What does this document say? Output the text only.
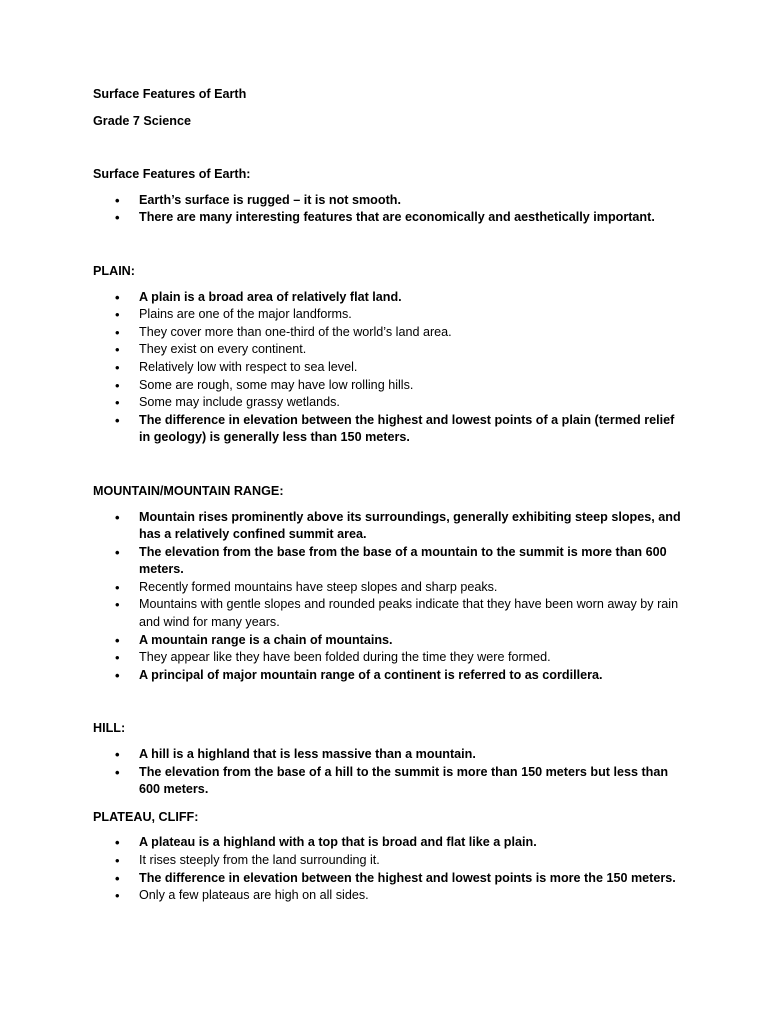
Surface Features of Earth

Grade 7 Science

Surface Features of Earth:

• Earth’s surface is rugged – it is not smooth.
• There are many interesting features that are economically and aesthetically important.

PLAIN:

• A plain is a broad area of relatively flat land.
• Plains are one of the major landforms.
• They cover more than one-third of the world’s land area.
• They exist on every continent.
• Relatively low with respect to sea level.
• Some are rough, some may have low rolling hills.
• Some may include grassy wetlands.
• The difference in elevation between the highest and lowest points of a plain (termed relief in geology) is generally less than 150 meters.

MOUNTAIN/MOUNTAIN RANGE:

• Mountain rises prominently above its surroundings, generally exhibiting steep slopes, and has a relatively confined summit area.
• The elevation from the base from the base of a mountain to the summit is more than 600 meters.
• Recently formed mountains have steep slopes and sharp peaks.
• Mountains with gentle slopes and rounded peaks indicate that they have been worn away by rain and wind for many years.
• A mountain range is a chain of mountains.
• They appear like they have been folded during the time they were formed.
• A principal of major mountain range of a continent is referred to as cordillera.

HILL:

• A hill is a highland that is less massive than a mountain.
• The elevation from the base of a hill to the summit is more than 150 meters but less than 600 meters.

PLATEAU, CLIFF:

• A plateau is a highland with a top that is broad and flat like a plain.
• It rises steeply from the land surrounding it.
• The difference in elevation between the highest and lowest points is more the 150 meters.
• Only a few plateaus are high on all sides.
